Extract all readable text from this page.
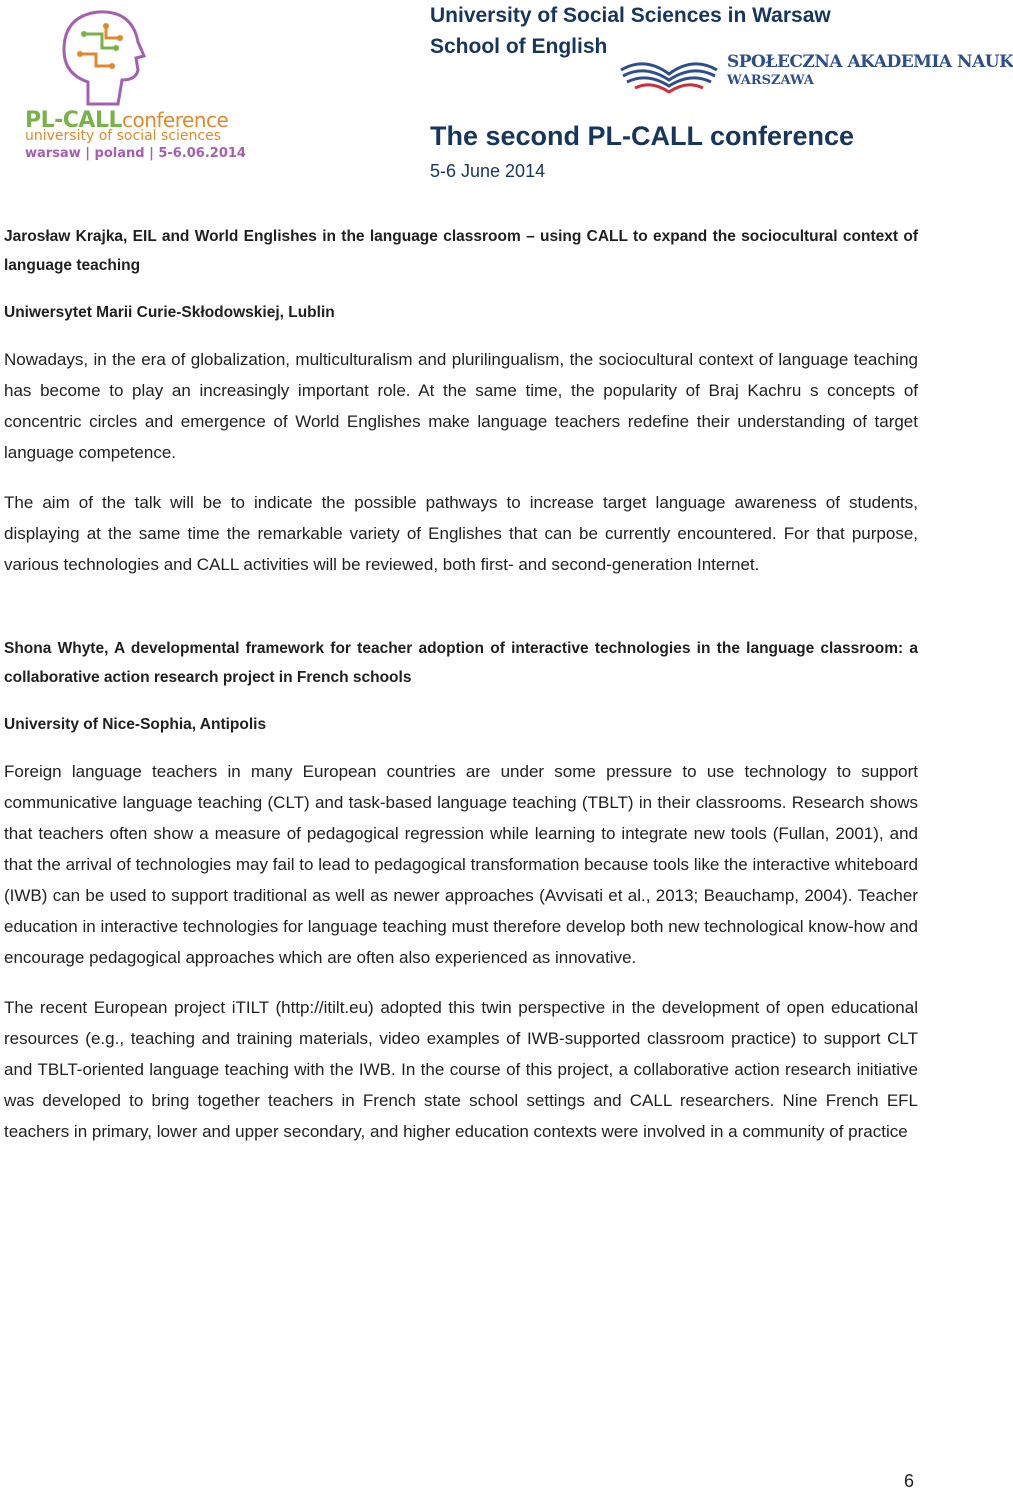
PL-CALLconference
university of social sciences
warsaw | poland | 5-6.06.2014
University of Social Sciences in Warsaw
School of English
SPOŁECZNA AKADEMIA NAUK
WARSZAWA
The second PL-CALL conference
5-6 June 2014

Jarosław Krajka, EIL and World Englishes in the language classroom – using CALL to expand the sociocultural context of language teaching

Uniwersytet Marii Curie-Skłodowskiej, Lublin

Nowadays, in the era of globalization, multiculturalism and plurilingualism, the sociocultural context of language teaching has become to play an increasingly important role. At the same time, the popularity of Braj Kachru s concepts of concentric circles and emergence of World Englishes make language teachers redefine their understanding of target language competence.

The aim of the talk will be to indicate the possible pathways to increase target language awareness of students, displaying at the same time the remarkable variety of Englishes that can be currently encountered. For that purpose, various technologies and CALL activities will be reviewed, both first- and second-generation Internet.

Shona Whyte, A developmental framework for teacher adoption of interactive technologies in the language classroom: a collaborative action research project in French schools

University of Nice-Sophia, Antipolis

Foreign language teachers in many European countries are under some pressure to use technology to support communicative language teaching (CLT) and task-based language teaching (TBLT) in their classrooms. Research shows that teachers often show a measure of pedagogical regression while learning to integrate new tools (Fullan, 2001), and that the arrival of technologies may fail to lead to pedagogical transformation because tools like the interactive whiteboard (IWB) can be used to support traditional as well as newer approaches (Avvisati et al., 2013; Beauchamp, 2004). Teacher education in interactive technologies for language teaching must therefore develop both new technological know-how and encourage pedagogical approaches which are often also experienced as innovative.

The recent European project iTILT (http://itilt.eu) adopted this twin perspective in the development of open educational resources (e.g., teaching and training materials, video examples of IWB-supported classroom practice) to support CLT and TBLT-oriented language teaching with the IWB. In the course of this project, a collaborative action research initiative was developed to bring together teachers in French state school settings and CALL researchers. Nine French EFL teachers in primary, lower and upper secondary, and higher education contexts were involved in a community of practice

6
